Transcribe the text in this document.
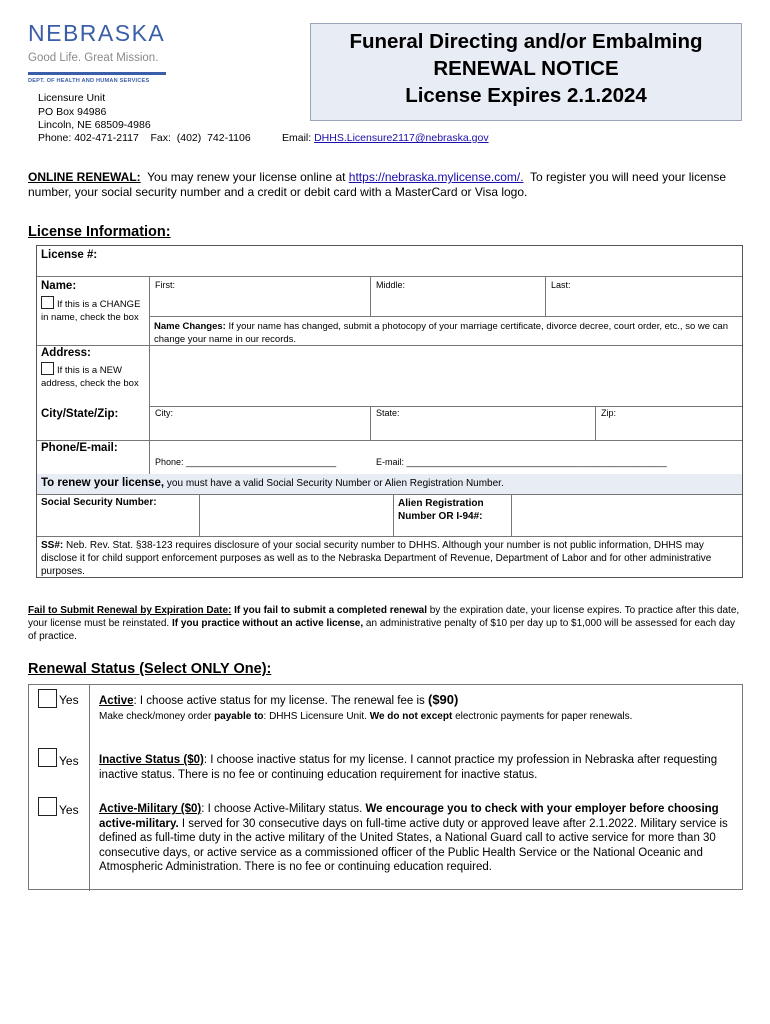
NEBRASKA
Good Life. Great Mission.
DEPT. OF HEALTH AND HUMAN SERVICES
Licensure Unit
PO Box 94986
Lincoln, NE 68509-4986
Phone: 402-471-2117    Fax:  (402)  742-1106	Email: DHHS.Licensure2117@nebraska.gov
Funeral Directing and/or Embalming
RENEWAL NOTICE
License Expires 2.1.2024
ONLINE RENEWAL:  You may renew your license online at https://nebraska.mylicense.com/.  To register you will need your license number, your social security number and a credit or debit card with a MasterCard or Visa logo.
License Information:
License #:
Name:
If this is a CHANGE in name, check the box
First:	Middle:	Last:
Name Changes: If your name has changed, submit a photocopy of your marriage certificate, divorce decree, court order, etc., so we can change your name in our records.
Address:
If this is a NEW address, check the box
City/State/Zip:	City:	State:	Zip:
Phone/E-mail:
Phone: ______________________________	E-mail: ____________________________________________________
To renew your license, you must have a valid Social Security Number or Alien Registration Number.
Social Security Number:	Alien Registration Number OR I-94#:
SS#: Neb. Rev. Stat. §38-123 requires disclosure of your social security number to DHHS. Although your number is not public information, DHHS may disclose it for child support enforcement purposes as well as to the Nebraska Department of Revenue, Department of Labor and for other administrative purposes.
Fail to Submit Renewal by Expiration Date: If you fail to submit a completed renewal by the expiration date, your license expires. To practice after this date, your license must be reinstated. If you practice without an active license, an administrative penalty of $10 per day up to $1,000 will be assessed for each day of practice.
Renewal Status (Select ONLY One):
Yes Active: I choose active status for my license. The renewal fee is ($90)
Make check/money order payable to: DHHS Licensure Unit. We do not except electronic payments for paper renewals.
Yes Inactive Status ($0): I choose inactive status for my license. I cannot practice my profession in Nebraska after requesting inactive status. There is no fee or continuing education requirement for inactive status.
Yes Active-Military ($0): I choose Active-Military status. We encourage you to check with your employer before choosing active-military. I served for 30 consecutive days on full-time active duty or approved leave after 2.1.2022. Military service is defined as full-time duty in the active military of the United States, a National Guard call to active service for more than 30 consecutive days, or active service as a commissioned officer of the Public Health Service or the National Oceanic and Atmospheric Administration. There is no fee or continuing education required.
